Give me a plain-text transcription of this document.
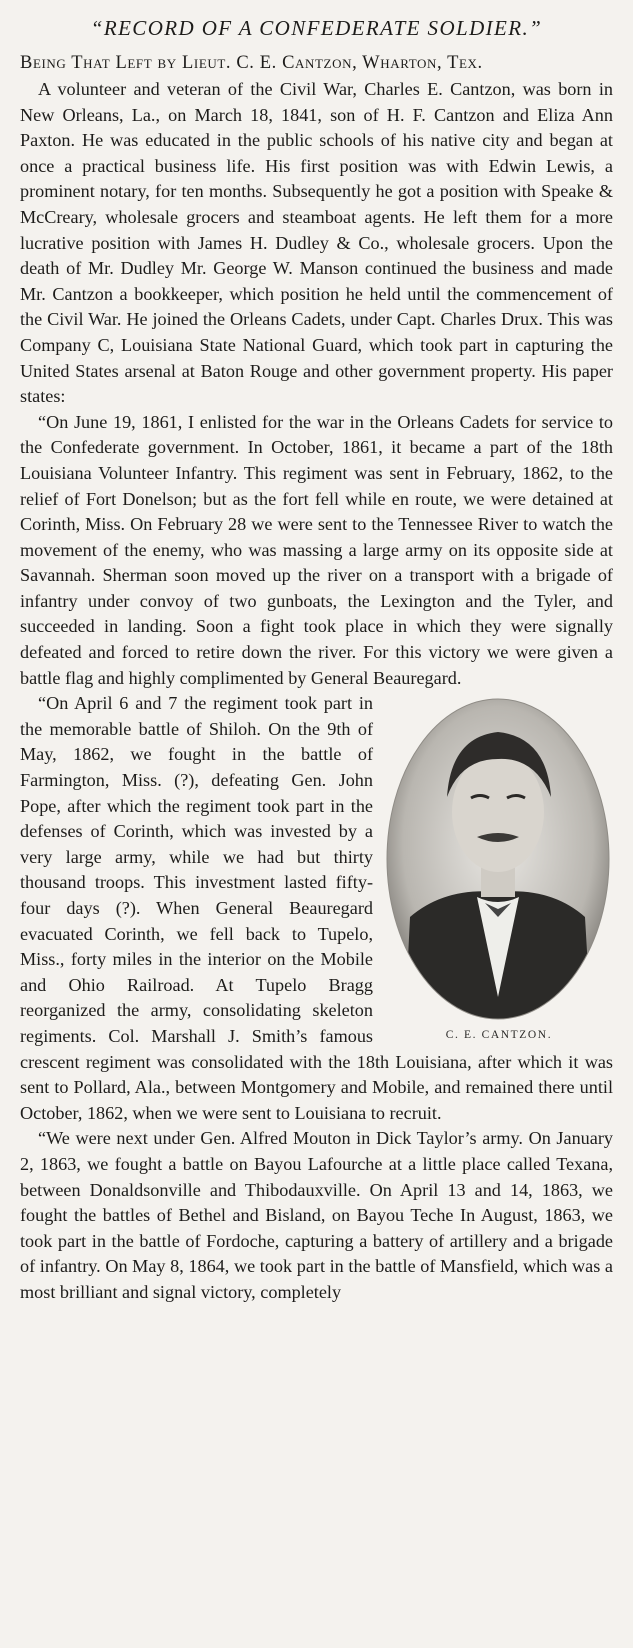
“RECORD OF A CONFEDERATE SOLDIER.”

Being That Left by Lieut. C. E. Cantzon, Wharton, Tex.

A volunteer and veteran of the Civil War, Charles E. Cantzon, was born in New Orleans, La., on March 18, 1841, son of H. F. Cantzon and Eliza Ann Paxton. He was educated in the public schools of his native city and began at once a practical business life. His first position was with Edwin Lewis, a prominent notary, for ten months. Subsequently he got a position with Speake & McCreary, wholesale grocers and steamboat agents. He left them for a more lucrative position with James H. Dudley & Co., wholesale grocers. Upon the death of Mr. Dudley Mr. George W. Manson continued the business and made Mr. Cantzon a bookkeeper, which position he held until the commencement of the Civil War. He joined the Orleans Cadets, under Capt. Charles Drux. This was Company C, Louisiana State National Guard, which took part in capturing the United States arsenal at Baton Rouge and other government property. His paper states:

“On June 19, 1861, I enlisted for the war in the Orleans Cadets for service to the Confederate government. In October, 1861, it became a part of the 18th Louisiana Volunteer Infantry. This regiment was sent in February, 1862, to the relief of Fort Donelson; but as the fort fell while en route, we were detained at Corinth, Miss. On February 28 we were sent to the Tennessee River to watch the movement of the enemy, who was massing a large army on its opposite side at Savannah. Sherman soon moved up the river on a transport with a brigade of infantry under convoy of two gunboats, the Lexington and the Tyler, and succeeded in landing. Soon a fight took place in which they were signally defeated and forced to retire down the river. For this victory we were given a battle flag and highly complimented by General Beauregard.

C. E. CANTZON.

“On April 6 and 7 the regiment took part in the memorable battle of Shiloh. On the 9th of May, 1862, we fought in the battle of Farmington, Miss. (?), defeating Gen. John Pope, after which the regiment took part in the defenses of Corinth, which was invested by a very large army, while we had but thirty thousand troops. This investment lasted fifty-four days (?). When General Beauregard evacuated Corinth, we fell back to Tupelo, Miss., forty miles in the interior on the Mobile and Ohio Railroad. At Tupelo Bragg reorganized the army, consolidating skeleton regiments. Col. Marshall J. Smith’s famous crescent regiment was consolidated with the 18th Louisiana, after which it was sent to Pollard, Ala., between Montgomery and Mobile, and remained there until October, 1862, when we were sent to Louisiana to recruit.

“We were next under Gen. Alfred Mouton in Dick Taylor’s army. On January 2, 1863, we fought a battle on Bayou Lafourche at a little place called Texana, between Donaldsonville and Thibodauxville. On April 13 and 14, 1863, we fought the battles of Bethel and Bisland, on Bayou Teche In August, 1863, we took part in the battle of Fordoche, capturing a battery of artillery and a brigade of infantry. On May 8, 1864, we took part in the battle of Mansfield, which was a most brilliant and signal victory, completely
